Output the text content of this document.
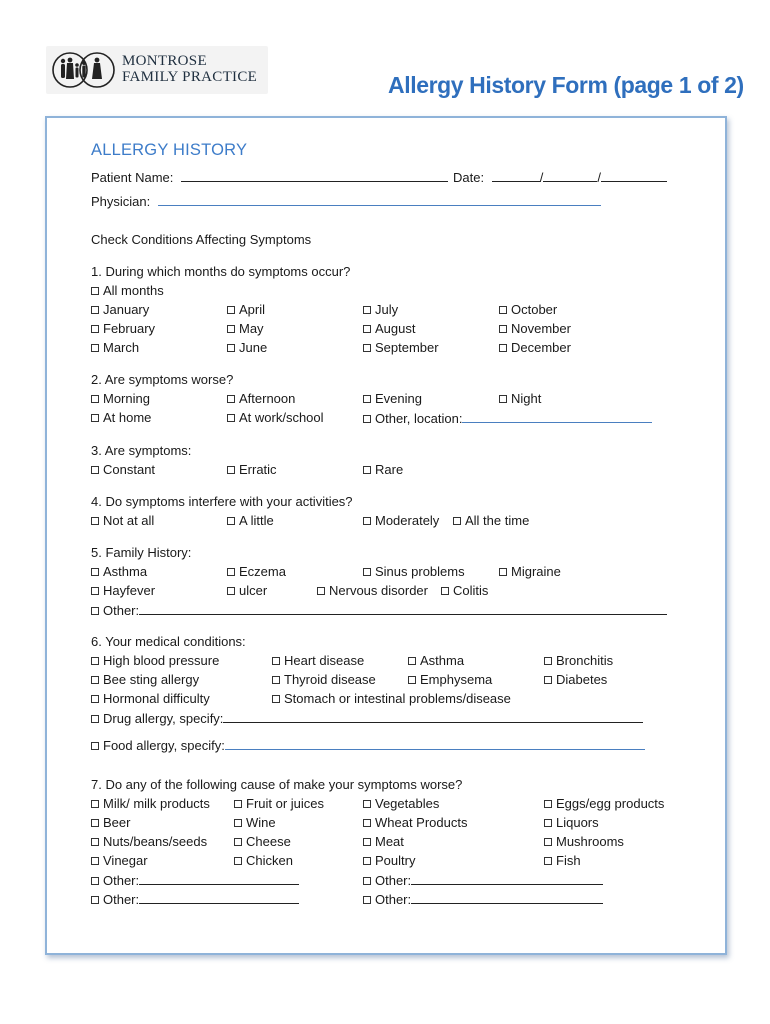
MONTROSE
FAMILY PRACTICE	Allergy History Form (page 1 of 2)
ALLERGY HISTORY
Patient Name:	Date:	/	/
Physician:
Check Conditions Affecting Symptoms
1. During which months do symptoms occur?
All months
January	April	July	October
February	May	August	November
March	June	September	December
2. Are symptoms worse?
Morning	Afternoon	Evening	Night
At home	At work/school	Other, location:
3. Are symptoms:
Constant	Erratic	Rare
4. Do symptoms interfere with your activities?
Not at all	A little	Moderately	All the time
5. Family History:
Asthma	Eczema	Sinus problems	Migraine
Hayfever	ulcer	Nervous disorder	Colitis
Other:
6. Your medical conditions:
High blood pressure	Heart disease	Asthma	Bronchitis
Bee sting allergy	Thyroid disease	Emphysema	Diabetes
Hormonal difficulty	Stomach or intestinal problems/disease
Drug allergy, specify:
Food allergy, specify:
7. Do any of the following cause of make your symptoms worse?
Milk/ milk products	Fruit or juices	Vegetables	Eggs/egg products
Beer	Wine	Wheat Products	Liquors
Nuts/beans/seeds	Cheese	Meat	Mushrooms
Vinegar	Chicken	Poultry	Fish
Other:	Other:
Other:	Other:
